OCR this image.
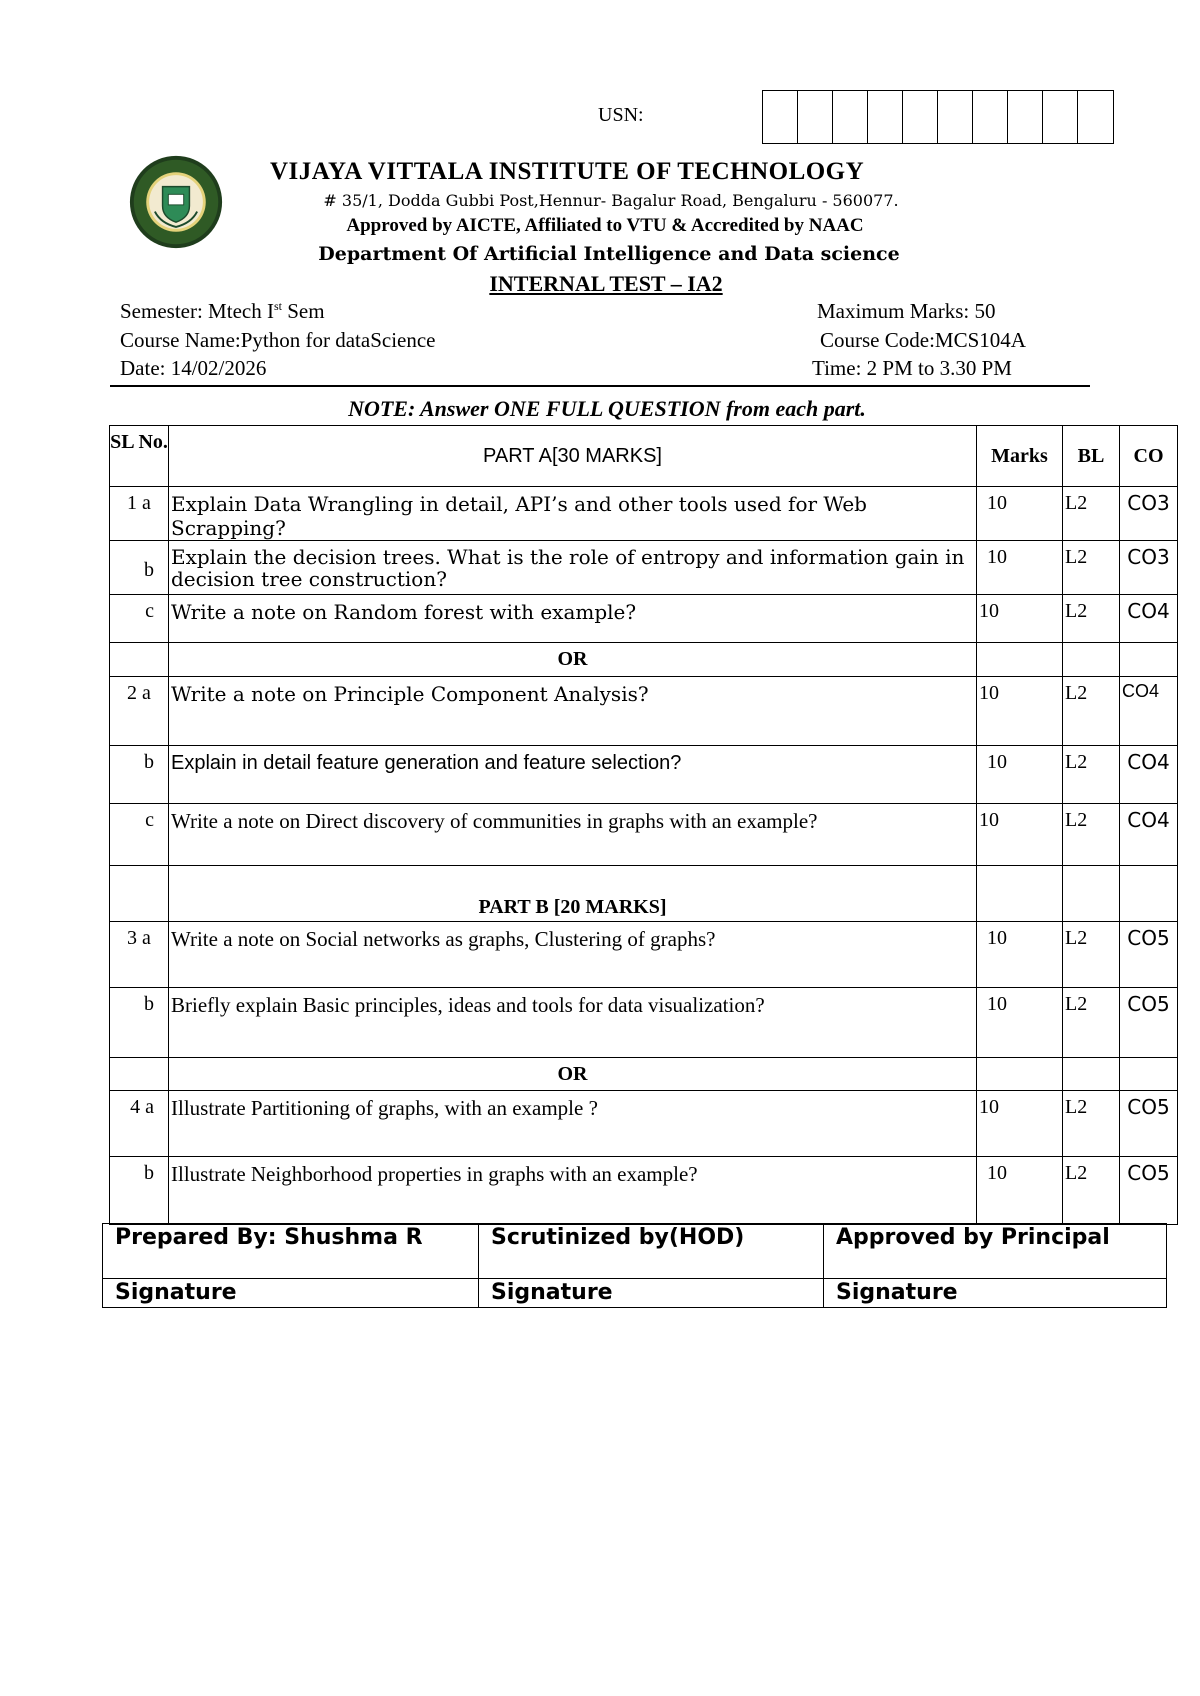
USN:
VIJAYA VITTALA INSTITUTE OF TECHNOLOGY
# 35/1, Dodda Gubbi Post,Hennur- Bagalur Road, Bengaluru - 560077.
Approved by AICTE, Affiliated to VTU & Accredited by NAAC
Department Of Artificial Intelligence and Data science
INTERNAL TEST – IA2
Semester: Mtech Ist Sem	Maximum Marks: 50
Course Name:Python for dataScience	Course Code:MCS104A
Date: 14/02/2026	Time: 2 PM to 3.30 PM
NOTE: Answer ONE FULL QUESTION from each part.
SL No.	PART A[30 MARKS]	Marks	BL	CO
1 a	Explain Data Wrangling in detail, API’s and other tools used for Web Scrapping?	10	L2	CO3
b	Explain the decision trees. What is the role of entropy and information gain in decision tree construction?	10	L2	CO3
c	Write a note on Random forest with example?	10	L2	CO4
	OR			
2 a	Write a note on Principle Component Analysis?	10	L2	CO4
b	Explain in detail feature generation and feature selection?	10	L2	CO4
c	Write a note on Direct discovery of communities in graphs with an example?	10	L2	CO4
	PART B [20 MARKS]			
3 a	Write a note on Social networks as graphs, Clustering of graphs?	10	L2	CO5
b	Briefly explain Basic principles, ideas and tools for data visualization?	10	L2	CO5
	OR			
4 a	Illustrate Partitioning of graphs, with an example ?	10	L2	CO5
b	Illustrate Neighborhood properties in graphs with an example?	10	L2	CO5
Prepared By: Shushma R	Scrutinized by(HOD)	Approved by Principal
Signature	Signature	Signature
